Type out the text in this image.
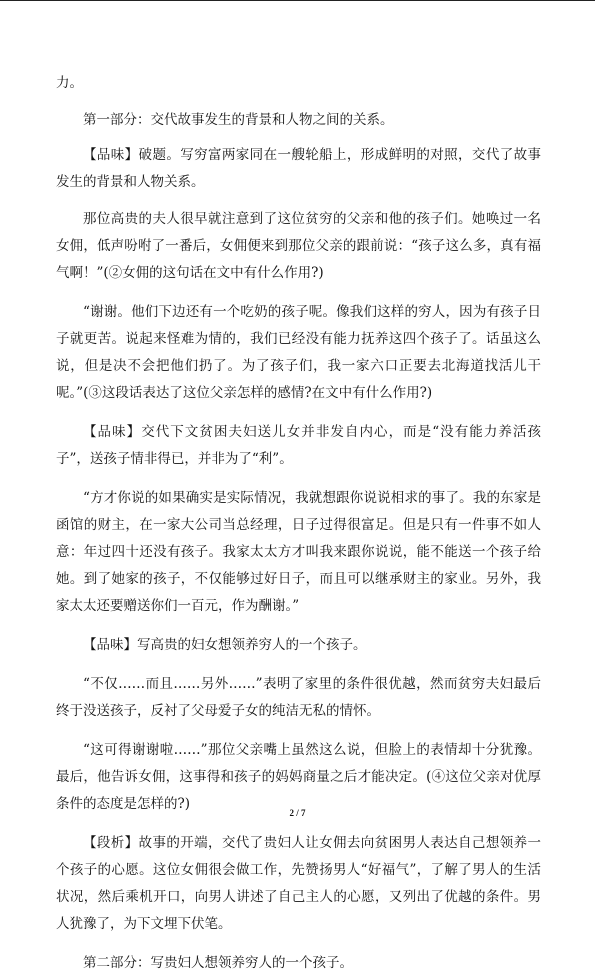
力。

第一部分：交代故事发生的背景和人物之间的关系。

【品味】破题。写穷富两家同在一艘轮船上，形成鲜明的对照，交代了故事发生的背景和人物关系。

那位高贵的夫人很早就注意到了这位贫穷的父亲和他的孩子们。她唤过一名女佣，低声吩咐了一番后，女佣便来到那位父亲的跟前说：“孩子这么多，真有福气啊！”(②女佣的这句话在文中有什么作用?)

“谢谢。他们下边还有一个吃奶的孩子呢。像我们这样的穷人，因为有孩子日子就更苦。说起来怪难为情的，我们已经没有能力抚养这四个孩子了。话虽这么说，但是决不会把他们扔了。为了孩子们，我一家六口正要去北海道找活儿干呢。”(③这段话表达了这位父亲怎样的感情?在文中有什么作用?)

【品味】交代下文贫困夫妇送儿女并非发自内心，而是“没有能力养活孩子”，送孩子情非得已，并非为了“利”。

“方才你说的如果确实是实际情况，我就想跟你说说相求的事了。我的东家是函馆的财主，在一家大公司当总经理，日子过得很富足。但是只有一件事不如人意：年过四十还没有孩子。我家太太方才叫我来跟你说说，能不能送一个孩子给她。到了她家的孩子，不仅能够过好日子，而且可以继承财主的家业。另外，我家太太还要赠送你们一百元，作为酬谢。”

【品味】写高贵的妇女想领养穷人的一个孩子。

“不仅……而且……另外……”表明了家里的条件很优越，然而贫穷夫妇最后终于没送孩子，反衬了父母爱子女的纯洁无私的情怀。

“这可得谢谢啦……”那位父亲嘴上虽然这么说，但脸上的表情却十分犹豫。最后，他告诉女佣，这事得和孩子的妈妈商量之后才能决定。(④这位父亲对优厚条件的态度是怎样的?)

【段析】故事的开端，交代了贵妇人让女佣去向贫困男人表达自己想领养一个孩子的心愿。这位女佣很会做工作，先赞扬男人“好福气”，了解了男人的生活状况，然后乘机开口，向男人讲述了自己主人的心愿，又列出了优越的条件。男人犹豫了，为下文埋下伏笔。

第二部分：写贵妇人想领养穷人的一个孩子。

2 / 7
